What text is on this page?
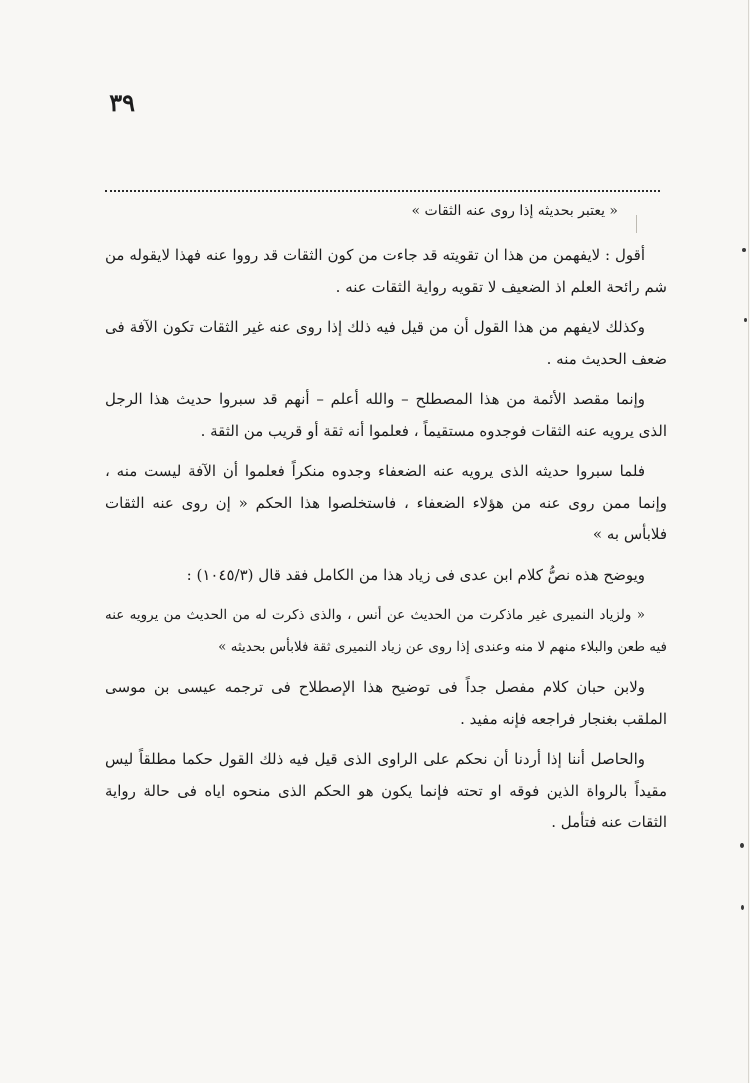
٣٩
« يعتبر بحديثه إذا روى عنه الثقات »

أقول : لايفهمن من هذا ان تقويته قد جاءت من كون الثقات قد رووا عنه فهذا لايقوله من شم رائحة العلم اذ الضعيف لا تقويه رواية الثقات عنه .

وكذلك لايفهم من هذا القول أن من قيل فيه ذلك إذا روى عنه غير الثقات تكون الآفة فى ضعف الحديث منه .

وإنما مقصد الأئمة من هذا المصطلح – والله أعلم – أنهم قد سبروا حديث هذا الرجل الذى يرويه عنه الثقات فوجدوه مستقيماً ، فعلموا أنه ثقة أو قريب من الثقة .

فلما سبروا حديثه الذى يرويه عنه الضعفاء وجدوه منكراً فعلموا أن الآفة ليست منه ، وإنما ممن روى عنه من هؤلاء الضعفاء ، فاستخلصوا هذا الحكم « إن روى عنه الثقات فلابأس به »

ويوضح هذه نصُّ كلام ابن عدى فى زياد هذا من الكامل فقد قال (١٠٤٥/٣) :

« ولزياد النميرى غير ماذكرت من الحديث عن أنس ، والذى ذكرت له من الحديث من يرويه عنه فيه طعن والبلاء منهم لا منه وعندى إذا روى عن زياد النميرى ثقة فلابأس بحديثه »

ولابن حبان كلام مفصل جداً فى توضيح هذا الإصطلاح فى ترجمه عيسى بن موسى الملقب بغنجار فراجعه فإنه مفيد .

والحاصل أننا إذا أردنا أن نحكم على الراوى الذى قيل فيه ذلك القول حكما مطلقاً ليس مقيداً بالرواة الذين فوقه او تحته فإنما يكون هو الحكم الذى منحوه اياه فى حالة رواية الثقات عنه فتأمل .
